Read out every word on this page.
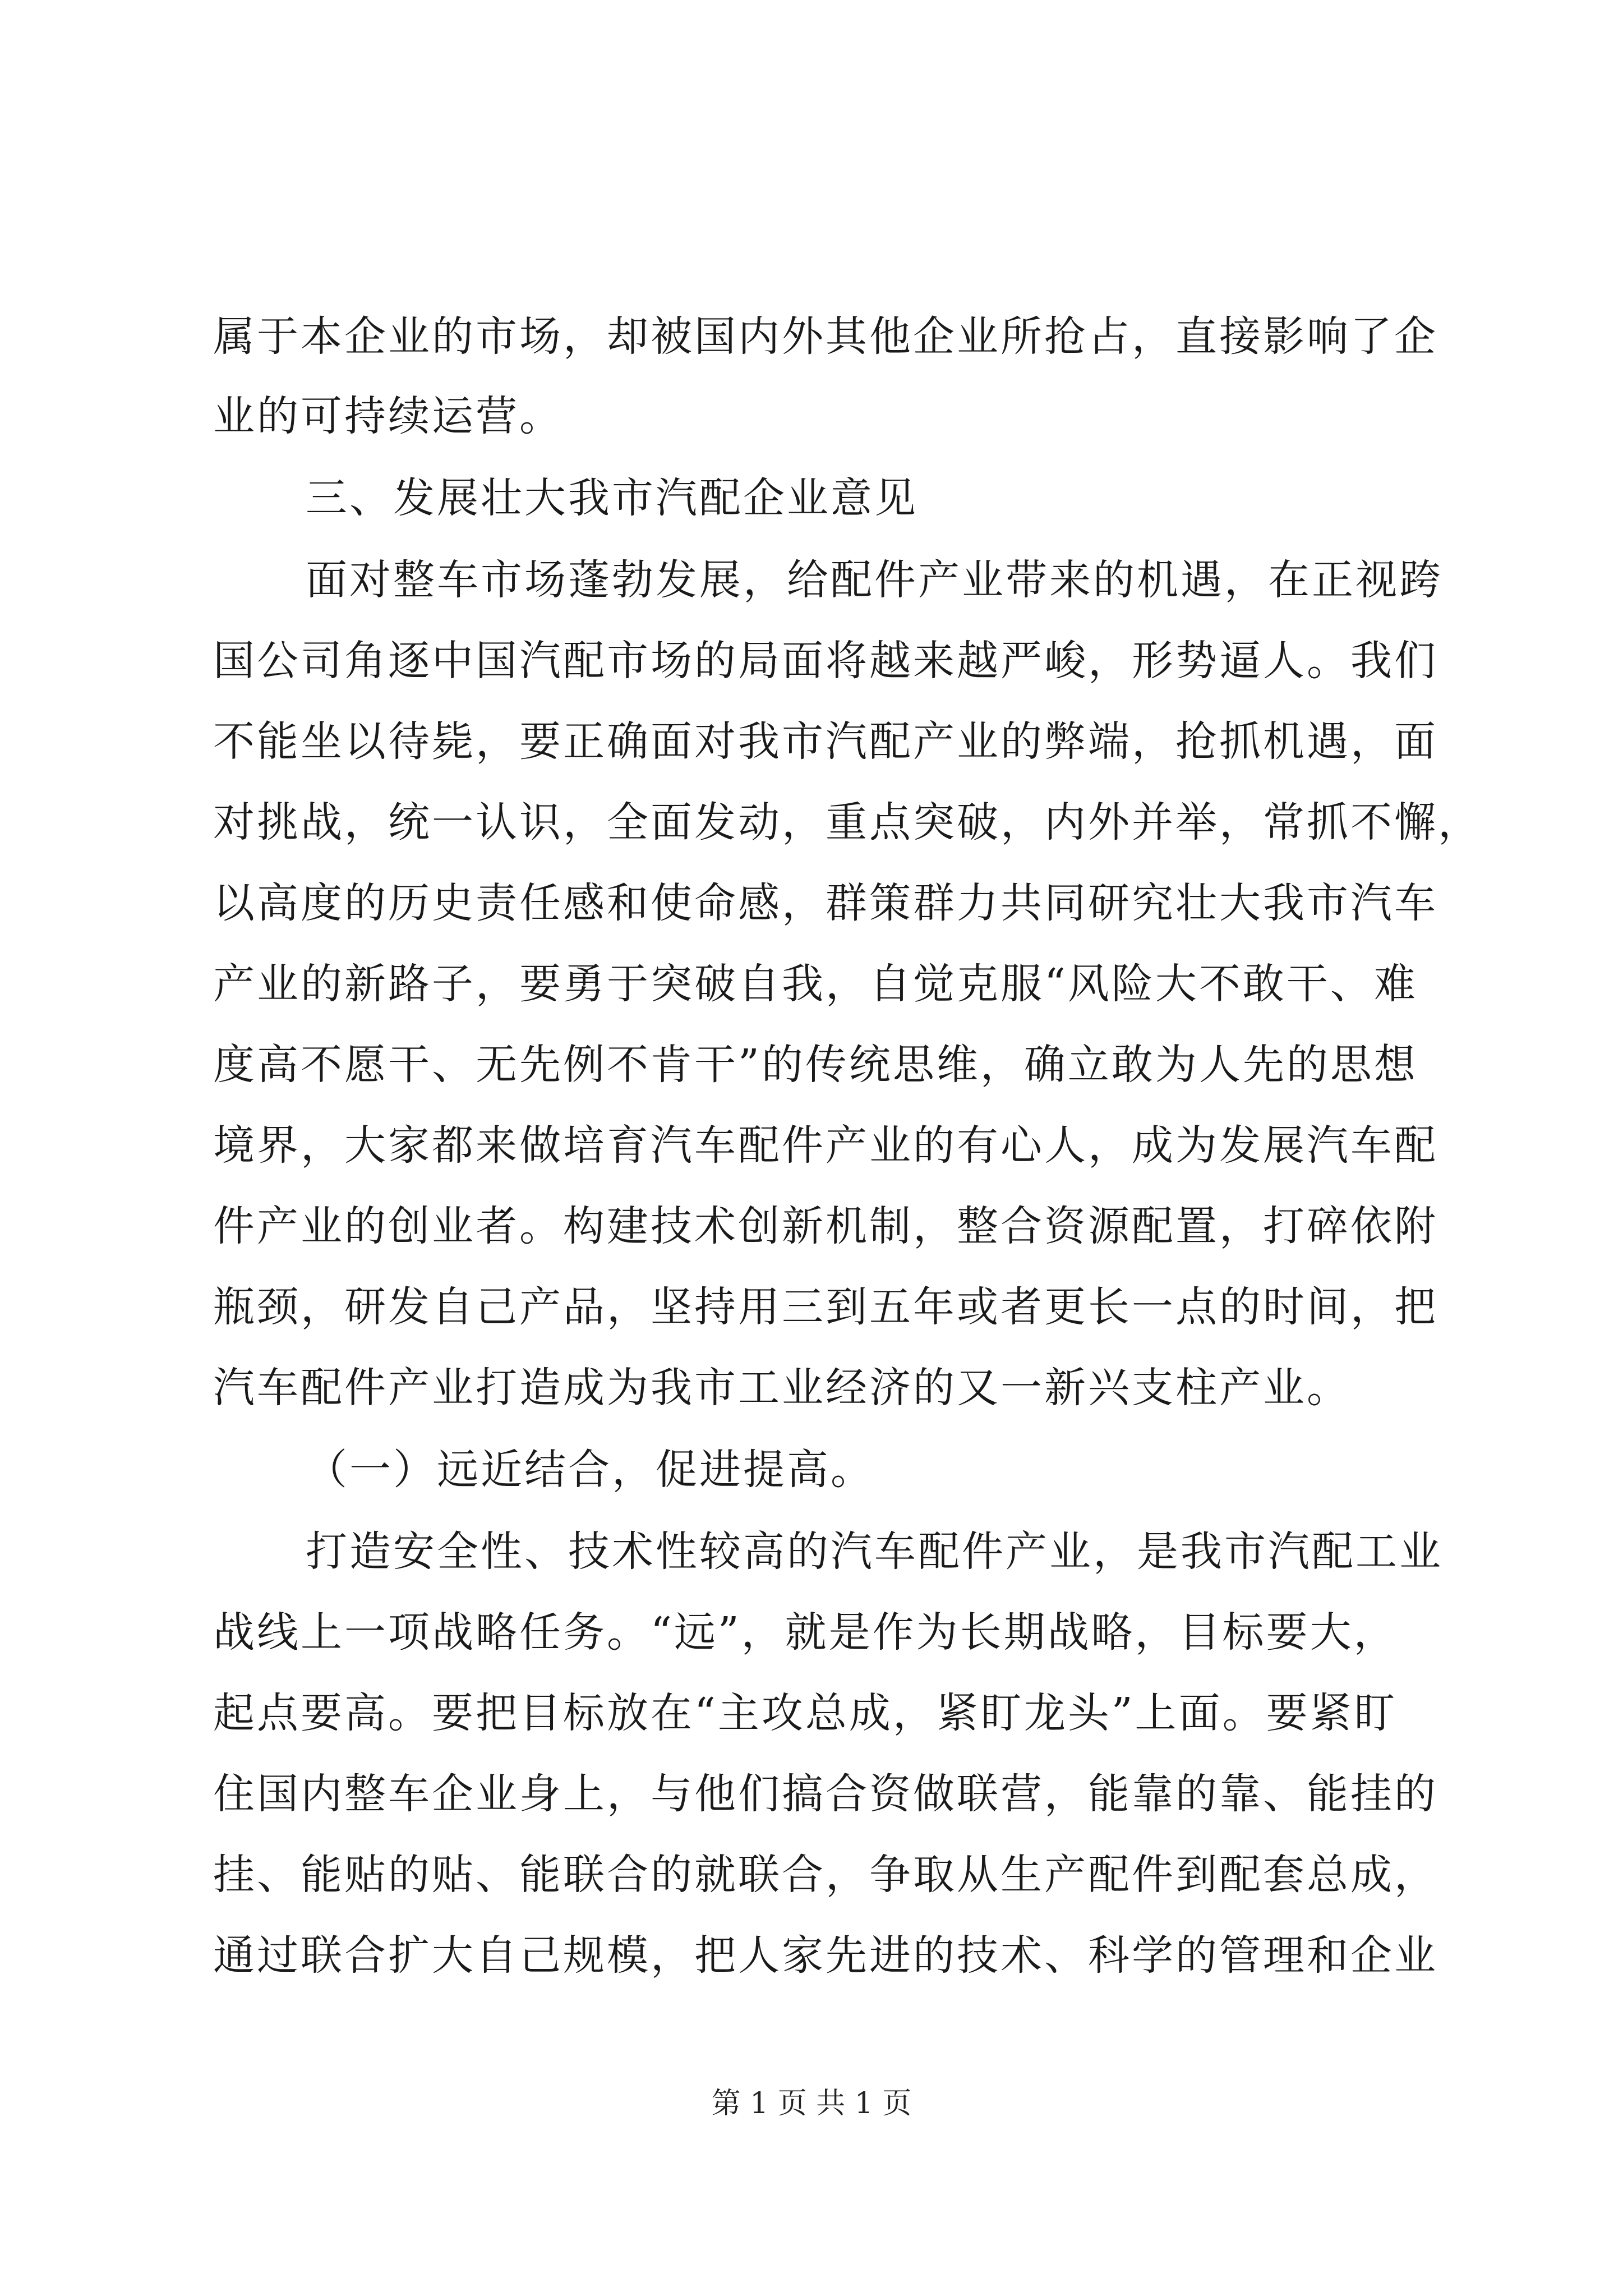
属于本企业的市场，却被国内外其他企业所抢占，直接影响了企
业的可持续运营。
三、发展壮大我市汽配企业意见
面对整车市场蓬勃发展，给配件产业带来的机遇，在正视跨
国公司角逐中国汽配市场的局面将越来越严峻，形势逼人。我们
不能坐以待毙，要正确面对我市汽配产业的弊端，抢抓机遇，面
对挑战，统一认识，全面发动，重点突破，内外并举，常抓不懈，
以高度的历史责任感和使命感，群策群力共同研究壮大我市汽车
产业的新路子，要勇于突破自我，自觉克服“风险大不敢干、难
度高不愿干、无先例不肯干”的传统思维，确立敢为人先的思想
境界，大家都来做培育汽车配件产业的有心人，成为发展汽车配
件产业的创业者。构建技术创新机制，整合资源配置，打碎依附
瓶颈，研发自己产品，坚持用三到五年或者更长一点的时间，把
汽车配件产业打造成为我市工业经济的又一新兴支柱产业。
（一）远近结合，促进提高。
打造安全性、技术性较高的汽车配件产业，是我市汽配工业
战线上一项战略任务。“远”，就是作为长期战略，目标要大，
起点要高。要把目标放在“主攻总成，紧盯龙头”上面。要紧盯
住国内整车企业身上，与他们搞合资做联营，能靠的靠、能挂的
挂、能贴的贴、能联合的就联合，争取从生产配件到配套总成，
通过联合扩大自己规模，把人家先进的技术、科学的管理和企业
第 1 页 共 1 页
